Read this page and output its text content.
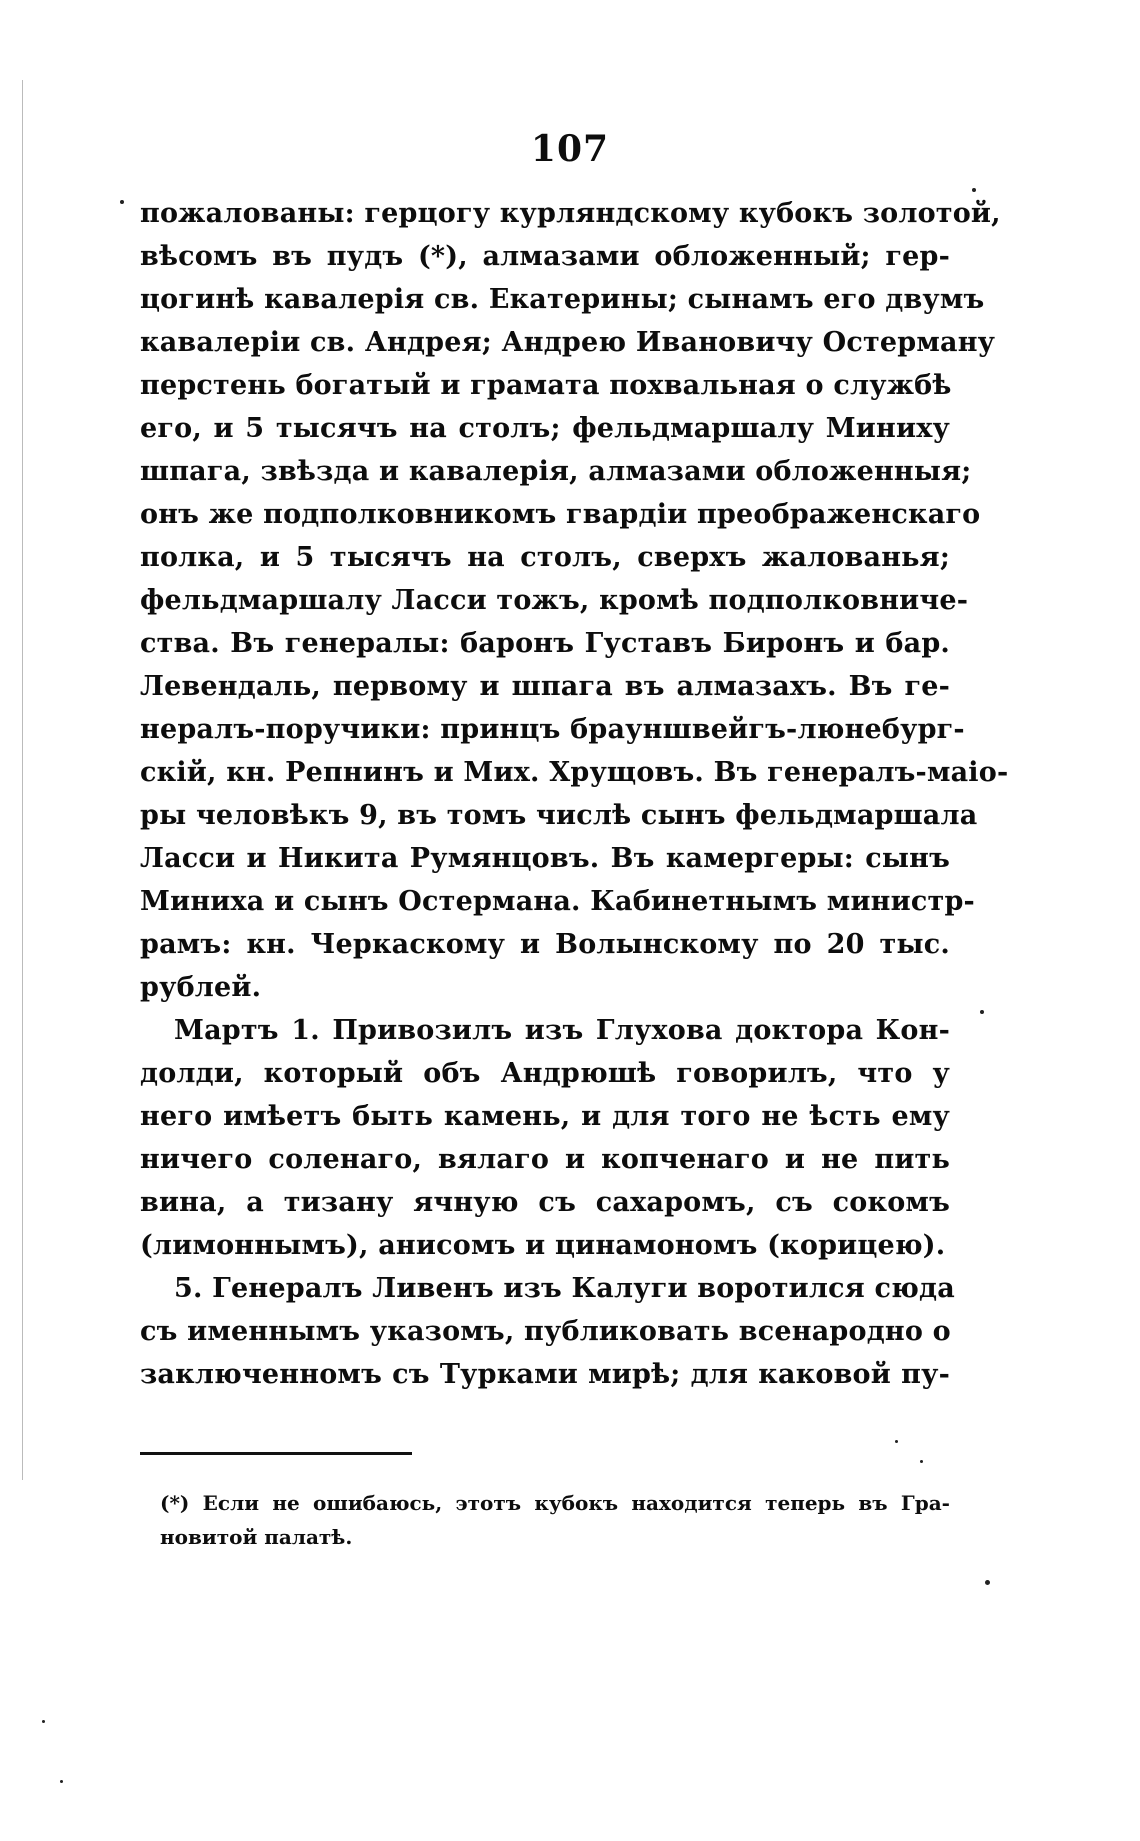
107
пожалованы: герцогу курляндскому кубокъ золотой,
вѣсомъ въ пудъ (*), алмазами обложенный; гер-
цогинѣ кавалерія св. Екатерины; сынамъ его двумъ
кавалеріи св. Андрея; Андрею Ивановичу Остерману
перстень богатый и грамата похвальная о службѣ
его, и 5 тысячъ на столъ; фельдмаршалу Миниху
шпага, звѣзда и кавалерія, алмазами обложенныя;
онъ же подполковникомъ гвардіи преображенскаго
полка, и 5 тысячъ на столъ, сверхъ жалованья;
фельдмаршалу Ласси тожъ, кромѣ подполковниче-
ства. Въ генералы: баронъ Густавъ Биронъ и бар.
Левендаль, первому и шпага въ алмазахъ. Въ ге-
нералъ-поручики: принцъ брауншвейгъ-люнебург-
скій, кн. Репнинъ и Мих. Хрущовъ. Въ генералъ-маіо-
ры человѣкъ 9, въ томъ числѣ сынъ фельдмаршала
Ласси и Никита Румянцовъ. Въ камергеры: сынъ
Миниха и сынъ Остермана. Кабинетнымъ министр-
рамъ: кн. Черкаскому и Волынскому по 20 тыс.
рублей.
Мартъ 1. Привозилъ изъ Глухова доктора Кон-
долди, который объ Андрюшѣ говорилъ, что у
него имѣетъ быть камень, и для того не ѣсть ему
ничего соленаго, вялаго и копченаго и не пить
вина, а тизану ячную съ сахаромъ, съ сокомъ
(лимоннымъ), анисомъ и цинамономъ (корицею).
5. Генералъ Ливенъ изъ Калуги воротился сюда
съ именнымъ указомъ, публиковать всенародно о
заключенномъ съ Турками мирѣ; для каковой пу-
(*) Если не ошибаюсь, этотъ кубокъ находится теперь въ Гра-
новитой палатѣ.
